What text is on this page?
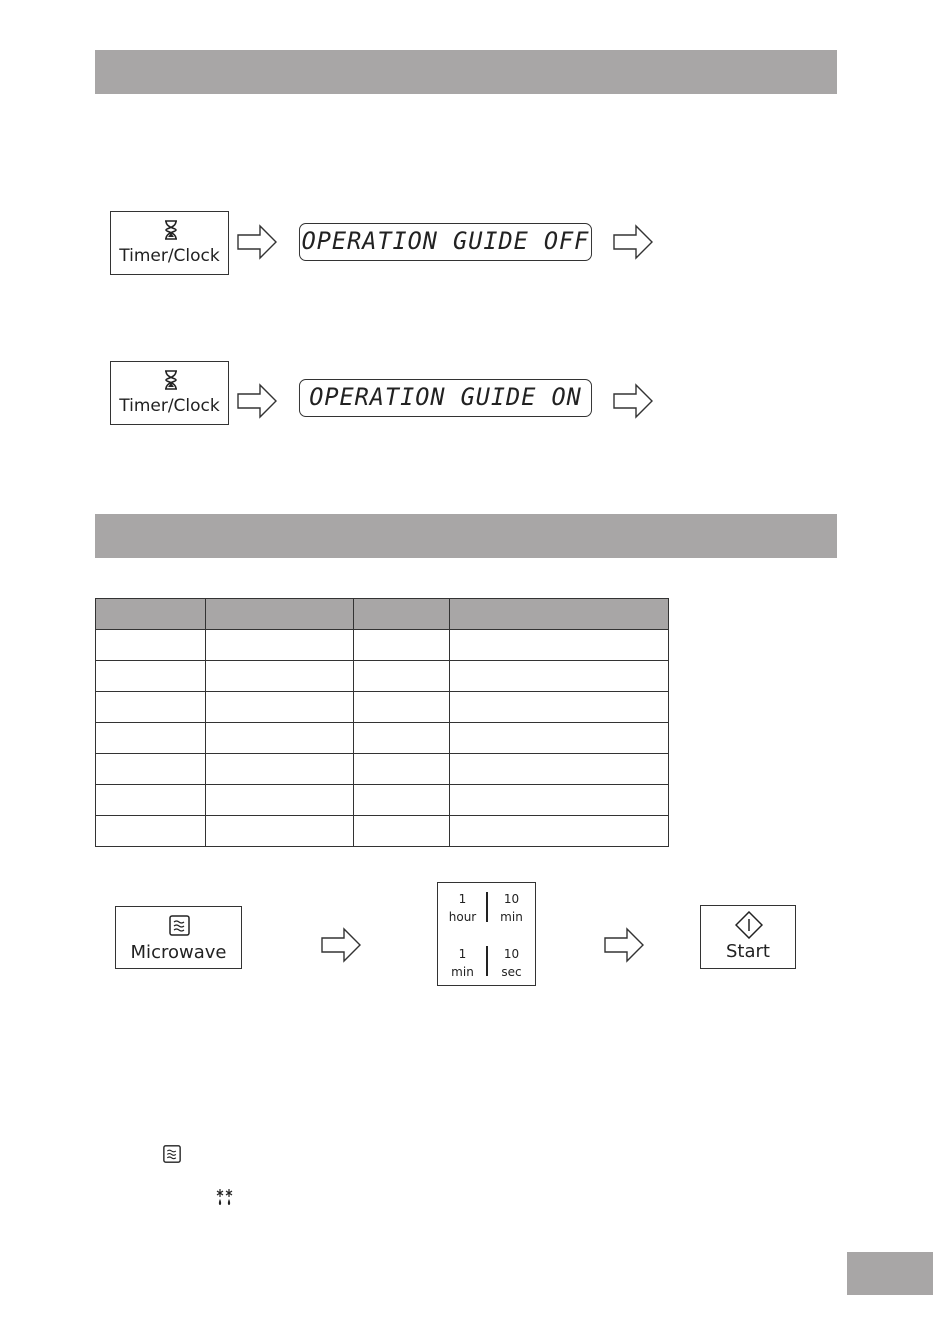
Timer/Clock
OPERATION GUIDE OFF
Timer/Clock	OPERATION GUIDE ON

Microwave
1
hour
10
min
1
min
10
sec
Start
